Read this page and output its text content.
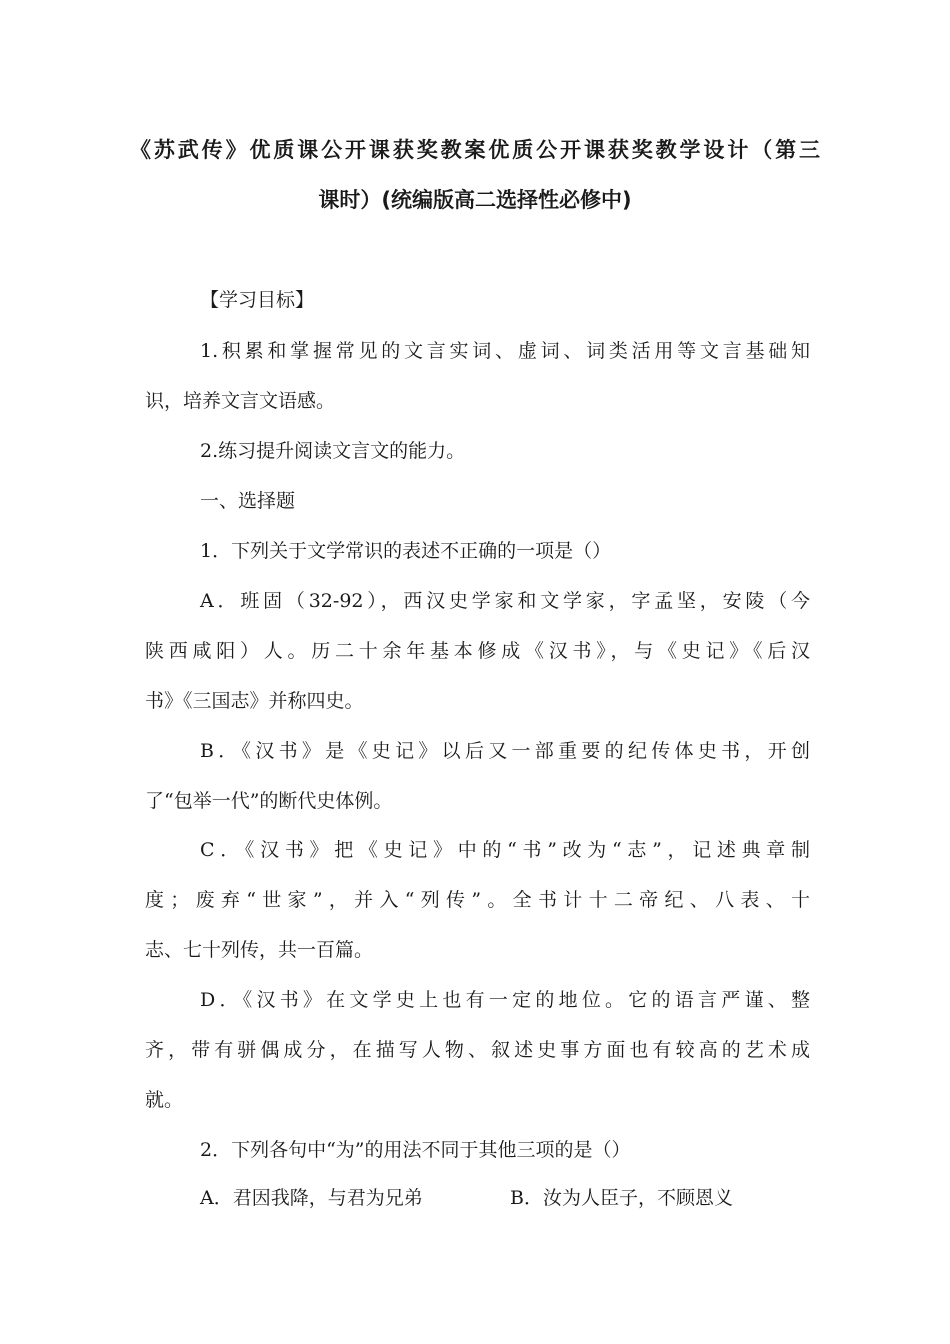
《苏武传》优质课公开课获奖教案优质公开课获奖教学设计（第三
课时）(统编版高二选择性必修中)
【学习目标】
1.积累和掌握常见的文言实词、虚词、词类活用等文言基础知
识，培养文言文语感。
2.练习提升阅读文言文的能力。
一、选择题
1．下列关于文学常识的表述不正确的一项是（）
A．班固（32-92），西汉史学家和文学家，字孟坚，安陵（今
陕西咸阳）人。历二十余年基本修成《汉书》，与《史记》《后汉
书》《三国志》并称四史。
B．《汉书》是《史记》以后又一部重要的纪传体史书，开创
了“包举一代”的断代史体例。
C．《汉书》把《史记》中的“书”改为“志”，记述典章制
度；废弃“世家”，并入“列传”。全书计十二帝纪、八表、十
志、七十列传，共一百篇。
D．《汉书》在文学史上也有一定的地位。它的语言严谨、整
齐，带有骈偶成分，在描写人物、叙述史事方面也有较高的艺术成
就。
2．下列各句中“为”的用法不同于其他三项的是（）
A．君因我降，与君为兄弟	B．汝为人臣子，不顾恩义
